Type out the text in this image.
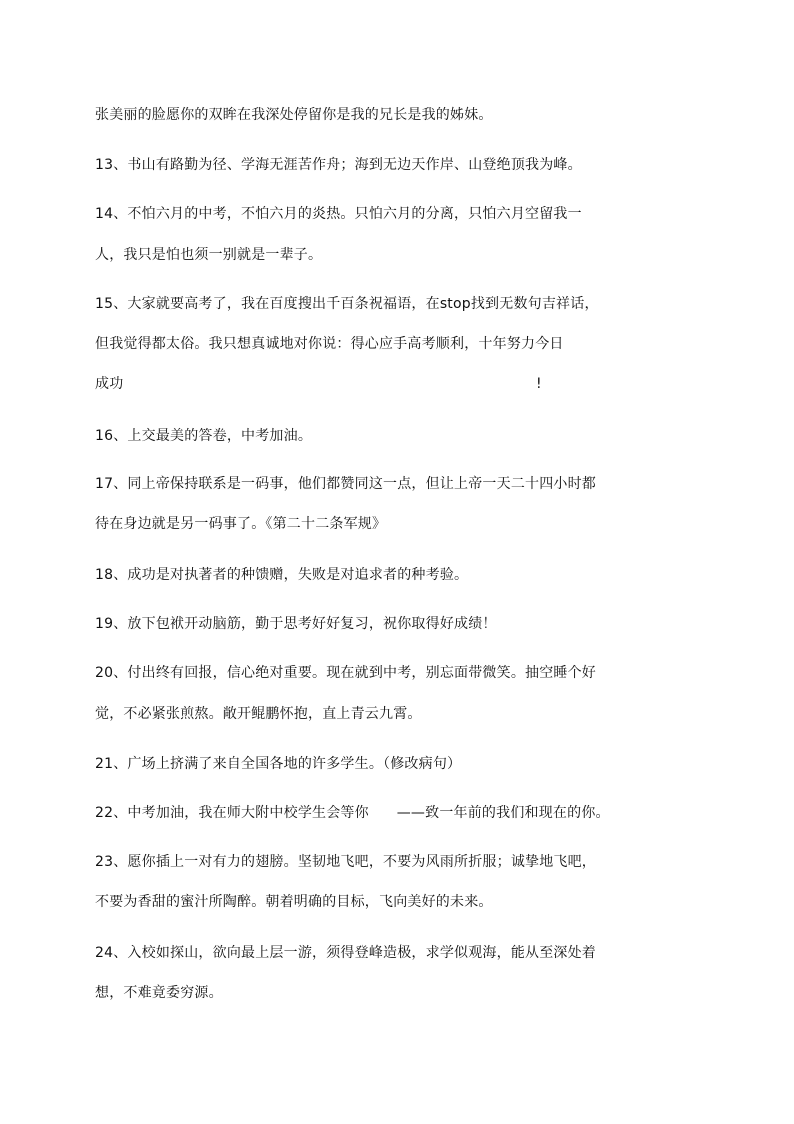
张美丽的脸愿你的双眸在我深处停留你是我的兄长是我的姊妹。
13、书山有路勤为径、学海无涯苦作舟；海到无边天作岸、山登绝顶我为峰。
14、不怕六月的中考，不怕六月的炎热。只怕六月的分离，只怕六月空留我一
人，我只是怕也须一别就是一辈子。
15、大家就要高考了，我在百度搜出千百条祝福语，在stop找到无数句吉祥话，
但我觉得都太俗。我只想真诚地对你说：得心应手高考顺利，十年努力今日
成功	!
16、上交最美的答卷，中考加油。
17、同上帝保持联系是一码事，他们都赞同这一点，但让上帝一天二十四小时都
待在身边就是另一码事了。《第二十二条军规》
18、成功是对执著者的种馈赠，失败是对追求者的种考验。
19、放下包袱开动脑筋，勤于思考好好复习，祝你取得好成绩！
20、付出终有回报，信心绝对重要。现在就到中考，别忘面带微笑。抽空睡个好
觉，不必紧张煎熬。敞开鲲鹏怀抱，直上青云九霄。
21、广场上挤满了来自全国各地的许多学生。（修改病句）
22、中考加油，我在师大附中校学生会等你      ——致一年前的我们和现在的你。
23、愿你插上一对有力的翅膀。坚韧地飞吧，不要为风雨所折服；诚挚地飞吧，
不要为香甜的蜜汁所陶醉。朝着明确的目标，飞向美好的未来。
24、入校如探山，欲向最上层一游，须得登峰造极，求学似观海，能从至深处着
想，不难竟委穷源。
